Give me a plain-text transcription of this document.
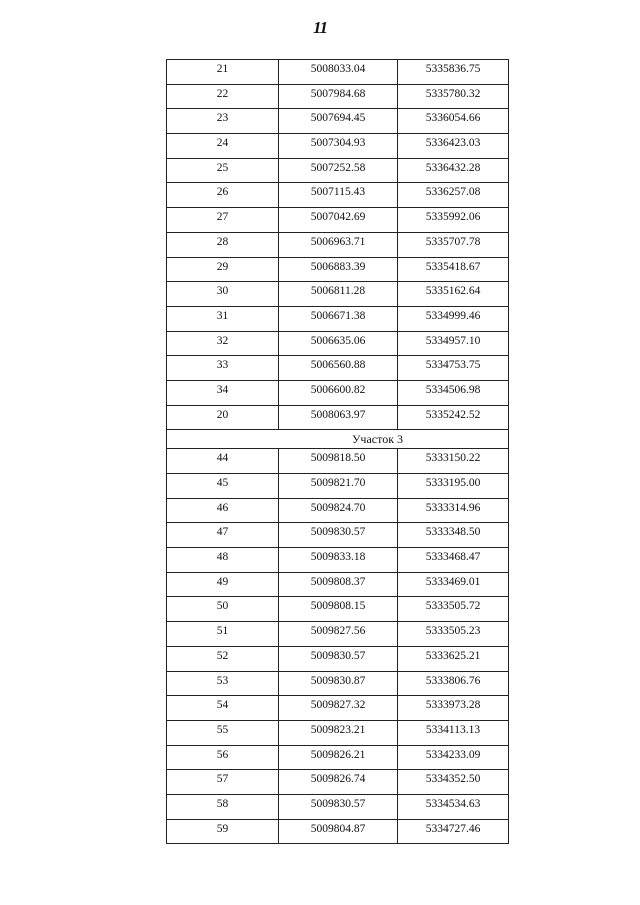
11
21	5008033.04	5335836.75
22	5007984.68	5335780.32
23	5007694.45	5336054.66
24	5007304.93	5336423.03
25	5007252.58	5336432.28
26	5007115.43	5336257.08
27	5007042.69	5335992.06
28	5006963.71	5335707.78
29	5006883.39	5335418.67
30	5006811.28	5335162.64
31	5006671.38	5334999.46
32	5006635.06	5334957.10
33	5006560.88	5334753.75
34	5006600.82	5334506.98
20	5008063.97	5335242.52
Участок 3		
44	5009818.50	5333150.22
45	5009821.70	5333195.00
46	5009824.70	5333314.96
47	5009830.57	5333348.50
48	5009833.18	5333468.47
49	5009808.37	5333469.01
50	5009808.15	5333505.72
51	5009827.56	5333505.23
52	5009830.57	5333625.21
53	5009830.87	5333806.76
54	5009827.32	5333973.28
55	5009823.21	5334113.13
56	5009826.21	5334233.09
57	5009826.74	5334352.50
58	5009830.57	5334534.63
59	5009804.87	5334727.46
